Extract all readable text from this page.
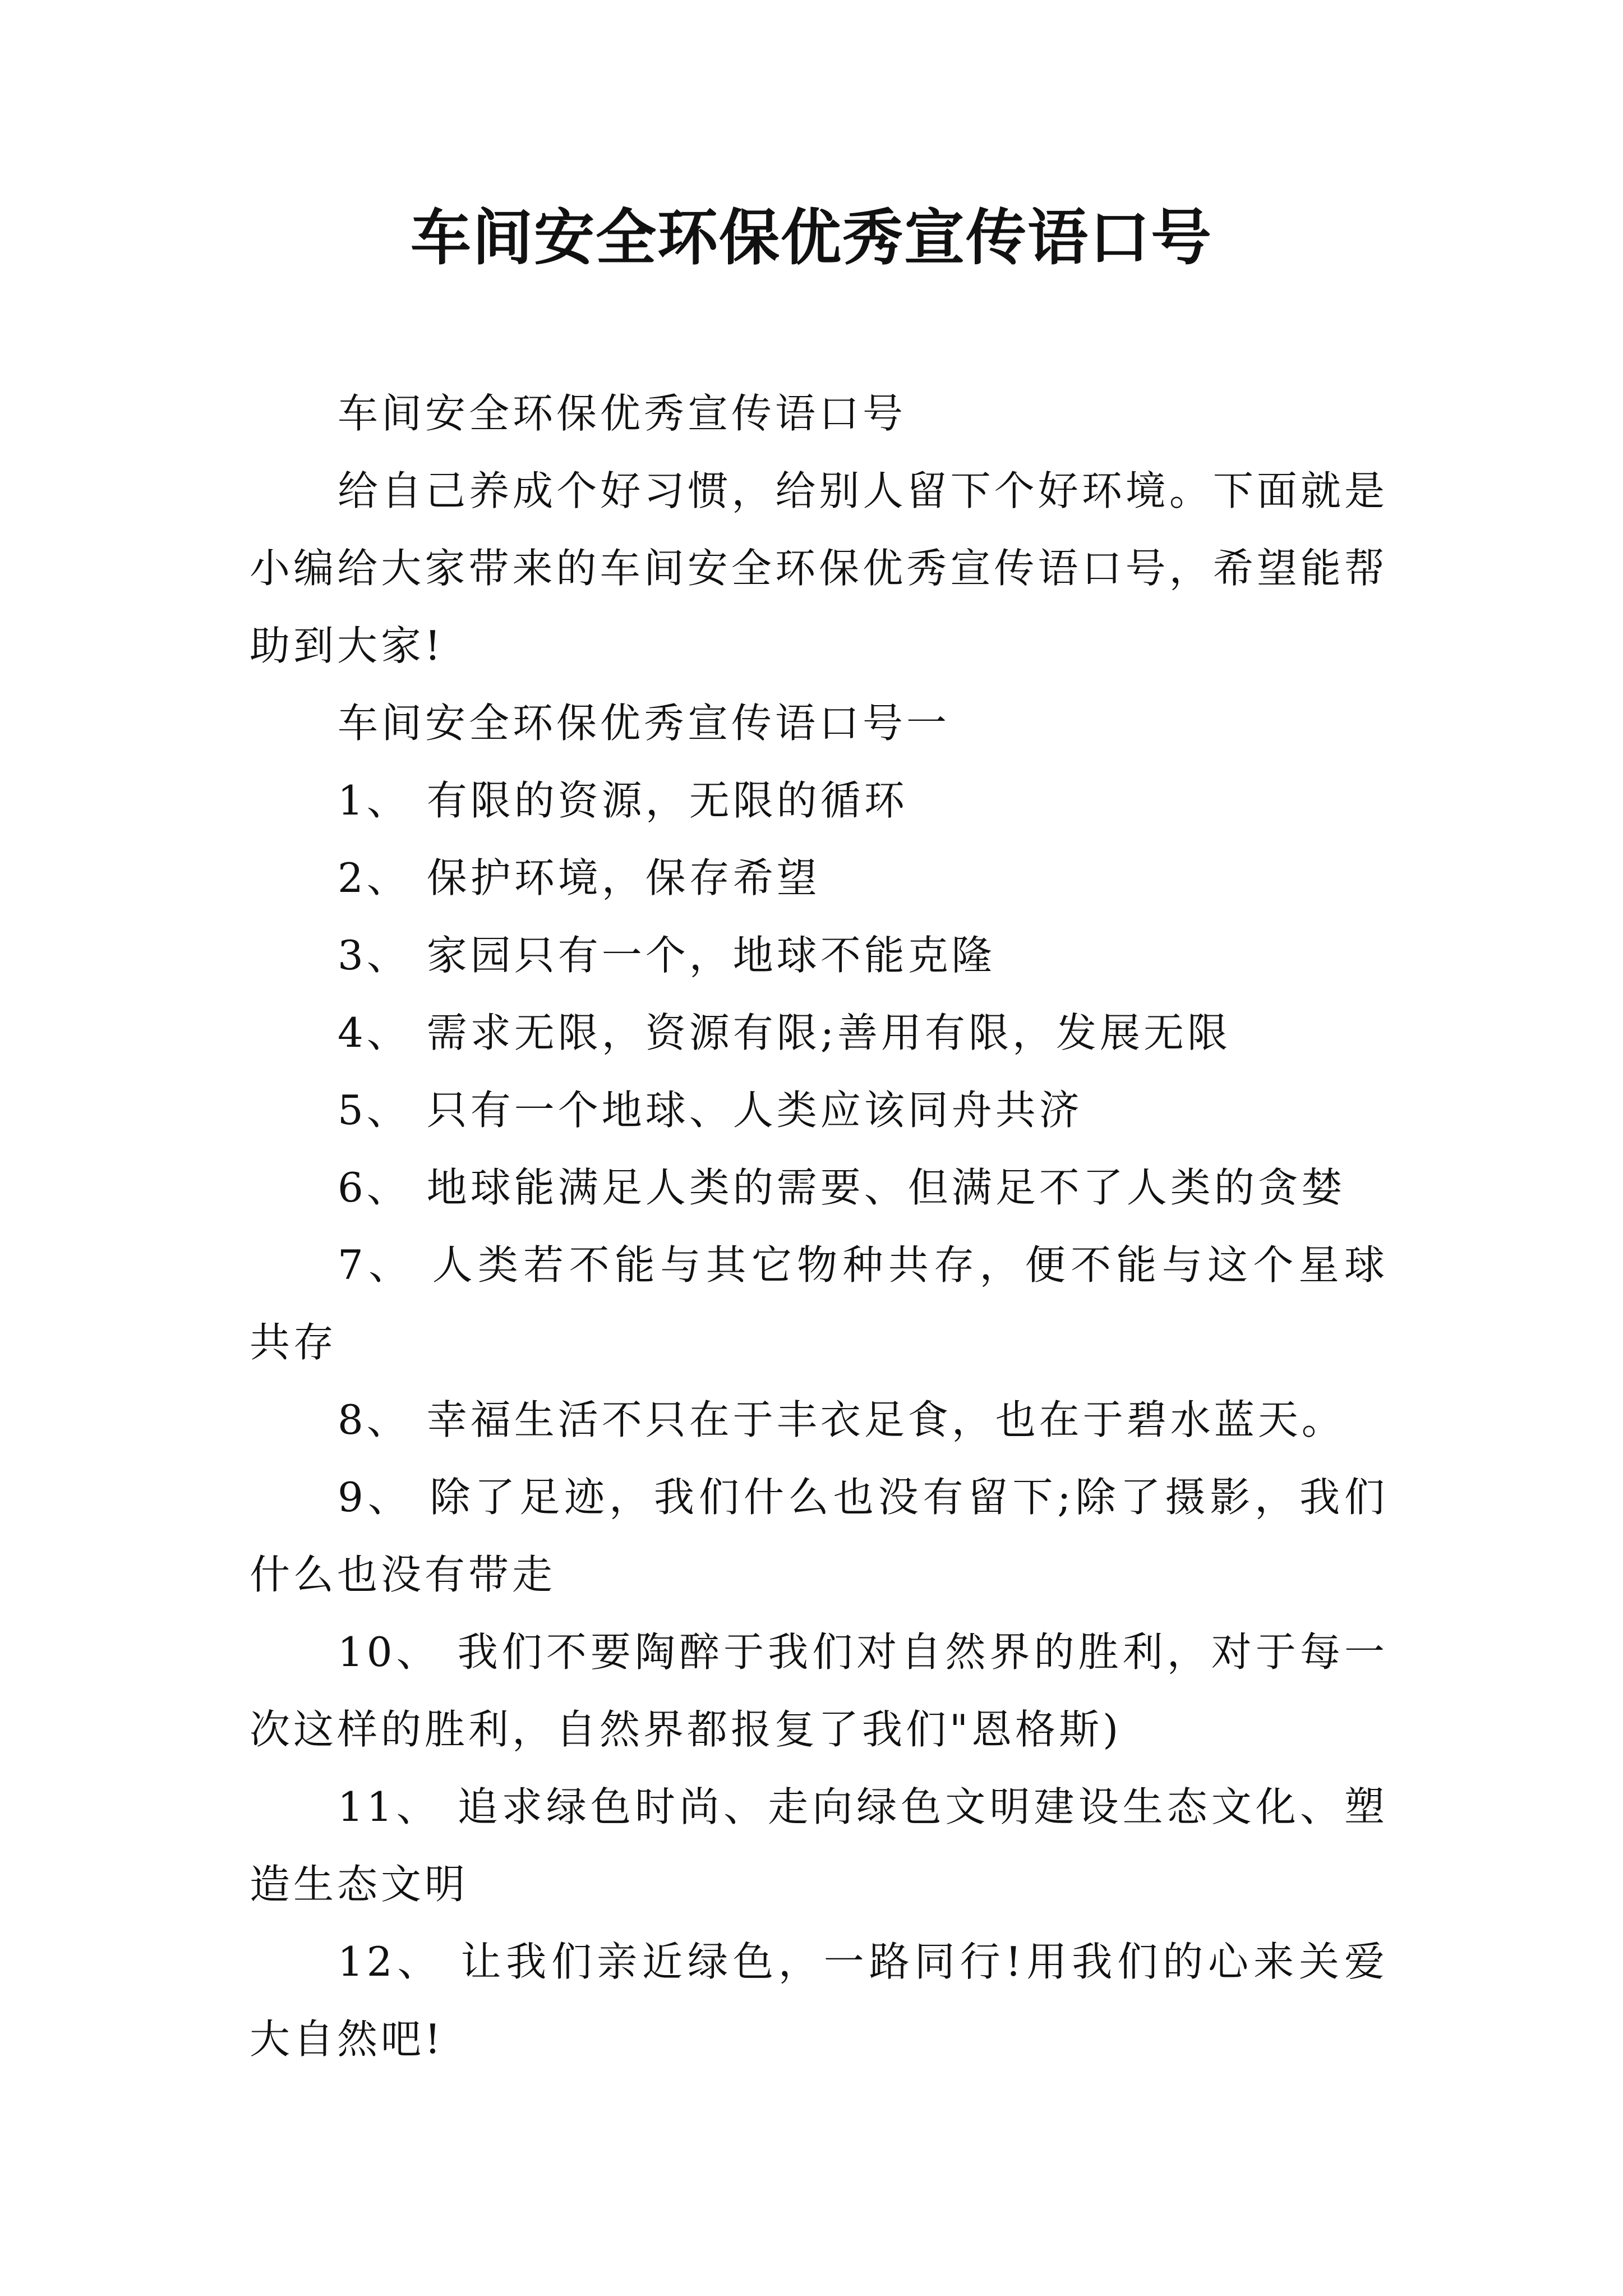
车间安全环保优秀宣传语口号

车间安全环保优秀宣传语口号

给自己养成个好习惯，给别人留下个好环境。下面就是小编给大家带来的车间安全环保优秀宣传语口号，希望能帮助到大家!

车间安全环保优秀宣传语口号一

1、 有限的资源，无限的循环

2、 保护环境，保存希望

3、 家园只有一个，地球不能克隆

4、 需求无限，资源有限;善用有限，发展无限

5、 只有一个地球、人类应该同舟共济

6、 地球能满足人类的需要、但满足不了人类的贪婪

7、 人类若不能与其它物种共存，便不能与这个星球共存

8、 幸福生活不只在于丰衣足食，也在于碧水蓝天。

9、 除了足迹，我们什么也没有留下;除了摄影，我们什么也没有带走

10、 我们不要陶醉于我们对自然界的胜利，对于每一次这样的胜利，自然界都报复了我们"恩格斯)

11、 追求绿色时尚、走向绿色文明建设生态文化、塑造生态文明

12、 让我们亲近绿色，一路同行!用我们的心来关爱大自然吧!
